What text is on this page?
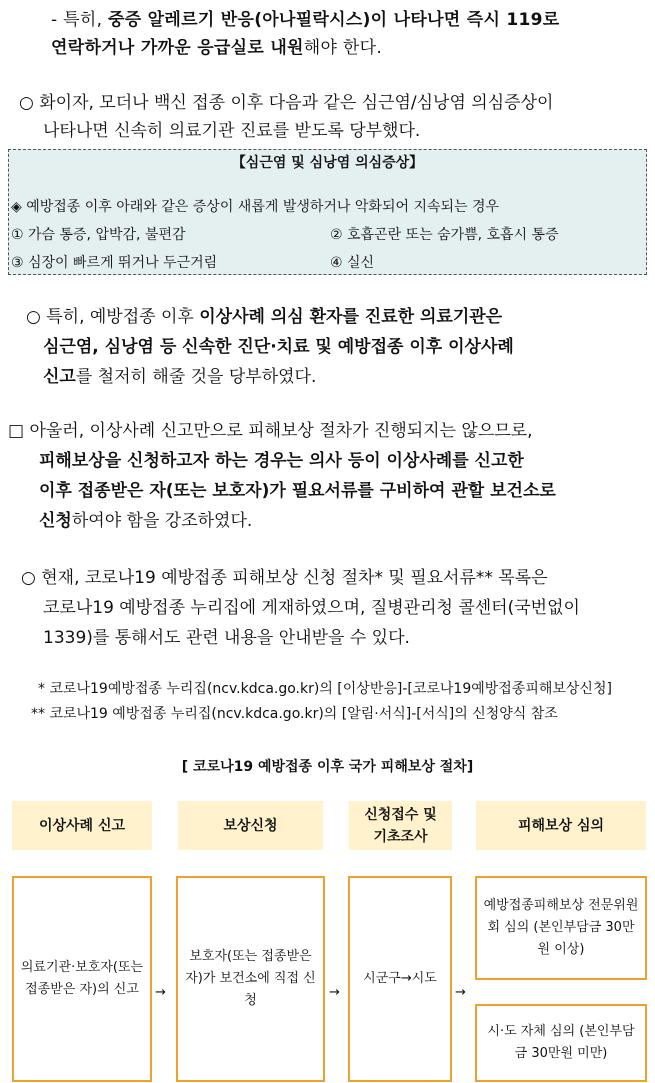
- 특히, 중증 알레르기 반응(아나필락시스)이 나타나면 즉시 119로
연락하거나 가까운 응급실로 내원해야 한다.
○ 화이자, 모더나 백신 접종 이후 다음과 같은 심근염/심낭염 의심증상이
나타나면 신속히 의료기관 진료를 받도록 당부했다.
【심근염 및 심낭염 의심증상】
◈ 예방접종 이후 아래와 같은 증상이 새롭게 발생하거나 악화되어 지속되는 경우
① 가슴 통증, 압박감, 불편감	② 호흡곤란 또는 숨가쁨, 호흡시 통증
③ 심장이 빠르게 뛰거나 두근거림	④ 실신
○ 특히, 예방접종 이후 이상사례 의심 환자를 진료한 의료기관은
심근염, 심낭염 등 신속한 진단·치료 및 예방접종 이후 이상사례
신고를 철저히 해줄 것을 당부하였다.
□ 아울러, 이상사례 신고만으로 피해보상 절차가 진행되지는 않으므로,
피해보상을 신청하고자 하는 경우는 의사 등이 이상사례를 신고한
이후 접종받은 자(또는 보호자)가 필요서류를 구비하여 관할 보건소로
신청하여야 함을 강조하였다.
○ 현재, 코로나19 예방접종 피해보상 신청 절차* 및 필요서류** 목록은
코로나19 예방접종 누리집에 게재하였으며, 질병관리청 콜센터(국번없이
1339)를 통해서도 관련 내용을 안내받을 수 있다.
* 코로나19예방접종 누리집(ncv.kdca.go.kr)의 [이상반응]-[코로나19예방접종피해보상신청]
** 코로나19 예방접종 누리집(ncv.kdca.go.kr)의 [알림·서식]-[서식]의 신청양식 참조
[ 코로나19 예방접종 이후 국가 피해보상 절차]
이상사례 신고	보상신청
신청접수 및 기초조사
피해보상 심의
의료기관·보호자(또는 접종받은 자)의 신고
보호자(또는 접종받은 자)가 보건소에 직접 신청
시군구→시도
예방접종피해보상 전문위원회 심의 (본인부담금 30만원 이상)
시·도 자체 심의 (본인부담금 30만원 미만)
→	→	→
